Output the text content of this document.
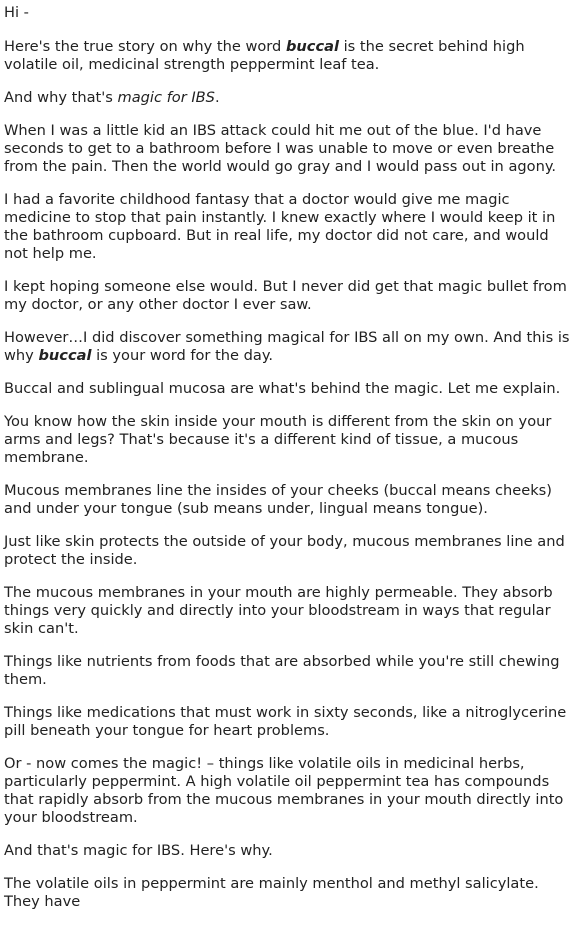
Hi -

Here's the true story on why the word buccal is the secret behind high volatile oil, medicinal strength peppermint leaf tea.

And why that's magic for IBS.

When I was a little kid an IBS attack could hit me out of the blue. I'd have seconds to get to a bathroom before I was unable to move or even breathe from the pain. Then the world would go gray and I would pass out in agony.

I had a favorite childhood fantasy that a doctor would give me magic medicine to stop that pain instantly. I knew exactly where I would keep it in the bathroom cupboard. But in real life, my doctor did not care, and would not help me.

I kept hoping someone else would. But I never did get that magic bullet from my doctor, or any other doctor I ever saw.

However…I did discover something magical for IBS all on my own. And this is why buccal is your word for the day.

Buccal and sublingual mucosa are what's behind the magic. Let me explain.

You know how the skin inside your mouth is different from the skin on your arms and legs? That's because it's a different kind of tissue, a mucous membrane.

Mucous membranes line the insides of your cheeks (buccal means cheeks) and under your tongue (sub means under, lingual means tongue).

Just like skin protects the outside of your body, mucous membranes line and protect the inside.

The mucous membranes in your mouth are highly permeable. They absorb things very quickly and directly into your bloodstream in ways that regular skin can't.

Things like nutrients from foods that are absorbed while you're still chewing them.

Things like medications that must work in sixty seconds, like a nitroglycerine pill beneath your tongue for heart problems.

Or - now comes the magic! – things like volatile oils in medicinal herbs, particularly peppermint. A high volatile oil peppermint tea has compounds that rapidly absorb from the mucous membranes in your mouth directly into your bloodstream.

And that's magic for IBS. Here's why.

The volatile oils in peppermint are mainly menthol and methyl salicylate. They have
